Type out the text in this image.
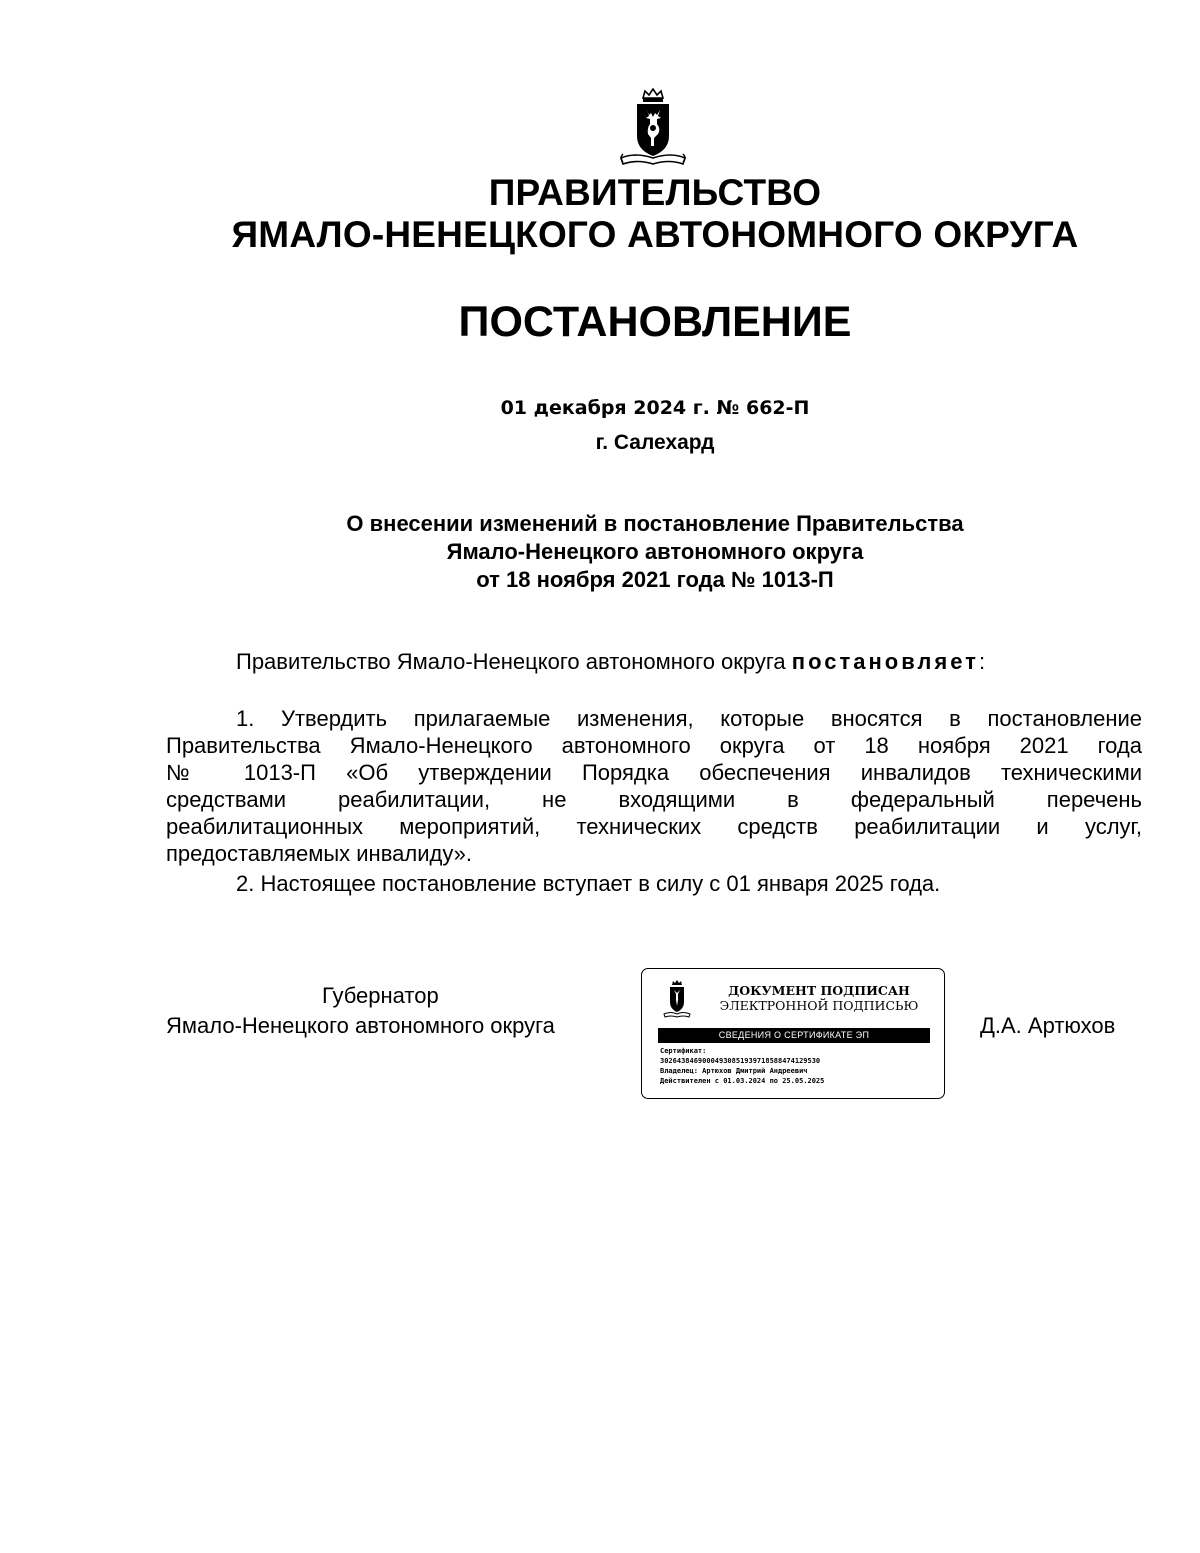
ПРАВИТЕЛЬСТВО
ЯМАЛО-НЕНЕЦКОГО АВТОНОМНОГО ОКРУГА
ПОСТАНОВЛЕНИЕ
01 декабря 2024 г. № 662-П
г. Салехард
О внесении изменений в постановление Правительства
Ямало-Ненецкого автономного округа
от 18 ноября 2021 года № 1013-П
Правительство Ямало-Ненецкого автономного округа постановляет:
1. Утвердить прилагаемые изменения, которые вносятся в постановление
Правительства Ямало-Ненецкого автономного округа от 18 ноября 2021 года
№ 1013-П «Об утверждении Порядка обеспечения инвалидов техническими
средствами реабилитации, не входящими в федеральный перечень
реабилитационных мероприятий, технических средств реабилитации и услуг,
предоставляемых инвалиду».
2. Настоящее постановление вступает в силу с 01 января 2025 года.
Губернатор
Ямало-Ненецкого автономного округа
ДОКУМЕНТ ПОДПИСАН
ЭЛЕКТРОННОЙ ПОДПИСЬЮ
СВЕДЕНИЯ О СЕРТИФИКАТЕ ЭП
Сертификат:
302643846900049308519397185884741295З0
Владелец: Артюхов Дмитрий Андреевич
Действителен с 01.03.2024 по 25.05.2025
Д.А. Артюхов
